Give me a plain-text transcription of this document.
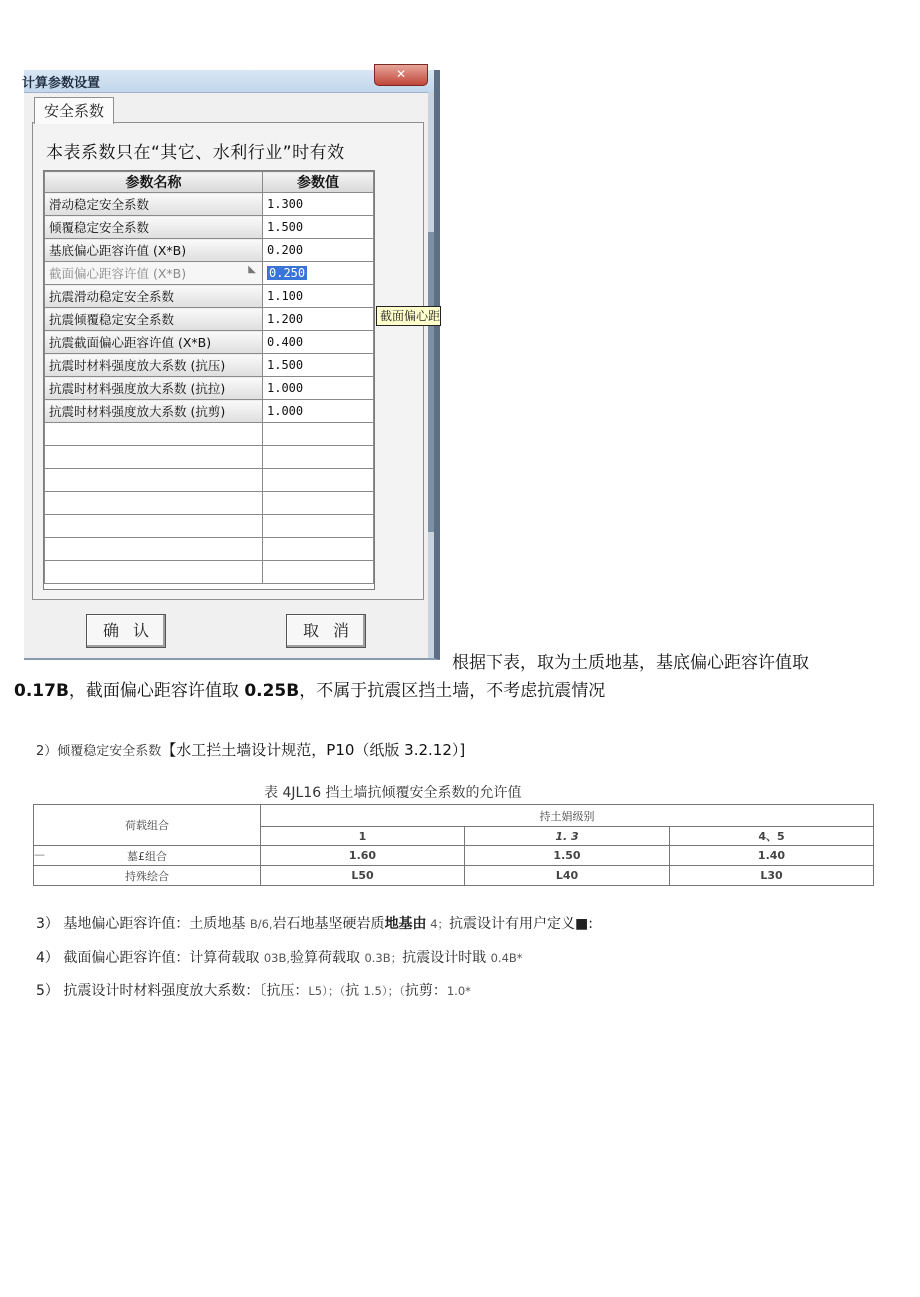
计算参数设置
✕
安全系数
本表系数只在“其它、水利行业”时有效
参数名称	参数值
滑动稳定安全系数	1.300
倾覆稳定安全系数	1.500
基底偏心距容许值 (X*B)	0.200
截面偏心距容许值 (X*B) ◣	0.250
抗震滑动稳定安全系数	1.100
抗震倾覆稳定安全系数	1.200
抗震截面偏心距容许值 (X*B)	0.400
抗震时材料强度放大系数 (抗压)	1.500
抗震时材料强度放大系数 (抗拉)	1.000
抗震时材料强度放大系数 (抗剪)	1.000

截面偏心距
确认	取消
根据下表，取为土质地基，基底偏心距容许值取
0.17B，截面偏心距容许值取 0.25B，不属于抗震区挡土墙，不考虑抗震情况
2）倾覆稳定安全系数【水工拦土墙设计规范，P10（纸版 3.2.12）]
表 4JL16 挡土墙抗倾覆安全系数的允许值
荷载组合	持土娟级别		
	1	1. 3	4、5

— 墓£组合	1.60	1.50	1.40
持殊绘合	L50	L40	L30
3） 基地偏心距容许值：土质地基 B/6,岩石地基坚硬岩质地基由 4；抗震设计有用户定义■:
4） 截面偏心距容许值：计算荷载取 03B,验算荷载取 0.3B；抗震设计时戢 0.4B*
5） 抗震设计时材料强度放大系数：〔抗压：L5）；（抗 1.5）；（抗剪：1.0*
